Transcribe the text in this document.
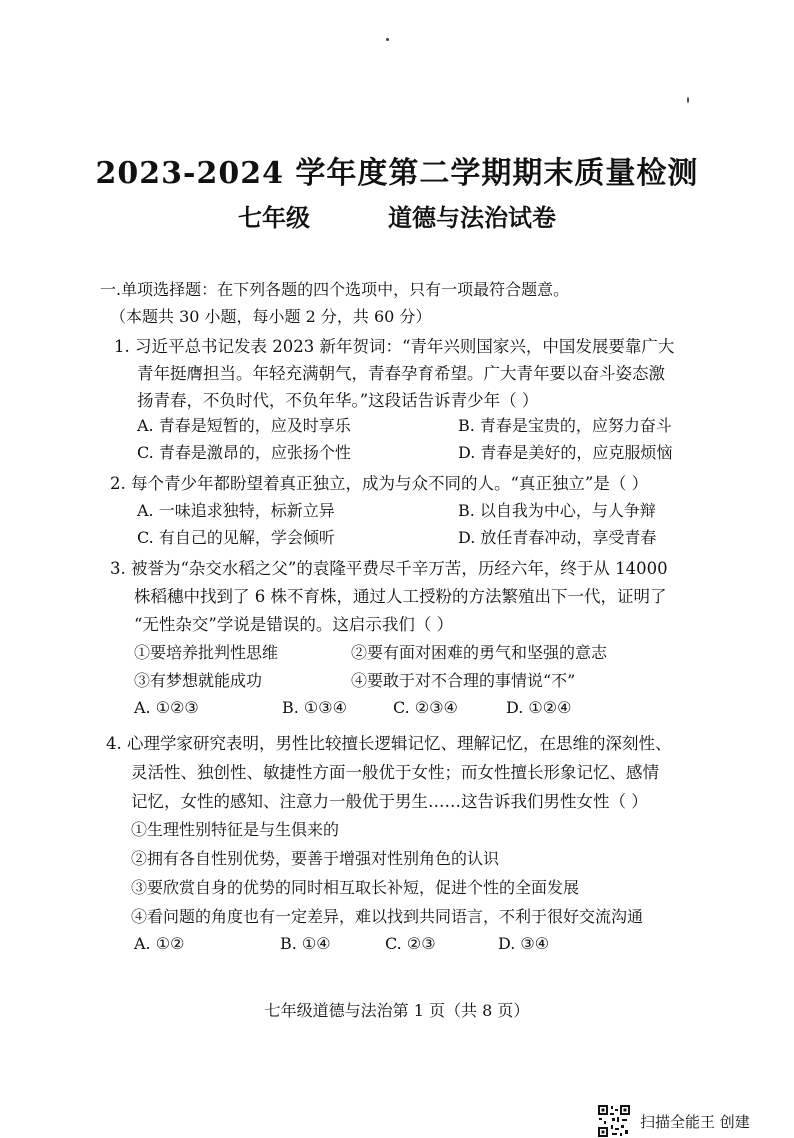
2023-2024 学年度第二学期期末质量检测
七年级	道德与法治试卷
一.单项选择题：在下列各题的四个选项中，只有一项最符合题意。
（本题共 30 小题，每小题 2 分，共 60 分）
1. 习近平总书记发表 2023 新年贺词：“青年兴则国家兴，中国发展要靠广大
青年挺膺担当。年轻充满朝气，青春孕育希望。广大青年要以奋斗姿态激
扬青春，不负时代，不负年华。”这段话告诉青少年（ ）
A. 青春是短暂的，应及时享乐	B. 青春是宝贵的，应努力奋斗
C. 青春是激昂的，应张扬个性	D. 青春是美好的，应克服烦恼
2. 每个青少年都盼望着真正独立，成为与众不同的人。“真正独立”是（ ）
A. 一味追求独特，标新立异	B. 以自我为中心，与人争辩
C. 有自己的见解，学会倾听	D. 放任青春冲动，享受青春
3. 被誉为“杂交水稻之父”的袁隆平费尽千辛万苦，历经六年，终于从 14000
株稻穗中找到了 6 株不育株，通过人工授粉的方法繁殖出下一代，证明了
“无性杂交”学说是错误的。这启示我们（ ）
①要培养批判性思维	②要有面对困难的勇气和坚强的意志
③有梦想就能成功	④要敢于对不合理的事情说“不”
A. ①②③	B. ①③④	C. ②③④	D. ①②④
4. 心理学家研究表明，男性比较擅长逻辑记忆、理解记忆，在思维的深刻性、
灵活性、独创性、敏捷性方面一般优于女性；而女性擅长形象记忆、感情
记忆，女性的感知、注意力一般优于男生……这告诉我们男性女性（ ）
①生理性别特征是与生俱来的
②拥有各自性别优势，要善于增强对性别角色的认识
③要欣赏自身的优势的同时相互取长补短，促进个性的全面发展
④看问题的角度也有一定差异，难以找到共同语言，不利于很好交流沟通
A. ①②	B. ①④	C. ②③	D. ③④
七年级道德与法治第 1 页（共 8 页）
扫描全能王 创建
